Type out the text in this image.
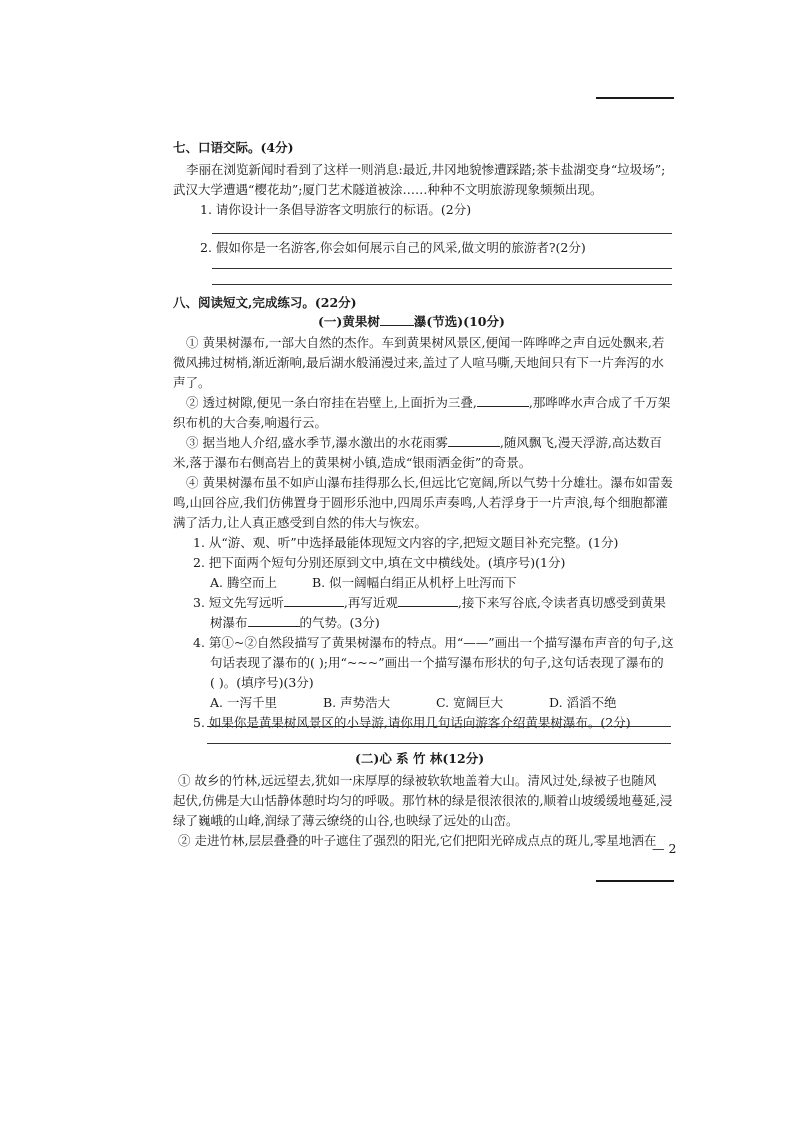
七、口语交际。(4分)
李丽在浏览新闻时看到了这样一则消息:最近,井冈地貌惨遭踩踏;茶卡盐湖变身“垃圾场”;
武汉大学遭遇“樱花劫”;厦门艺术隧道被涂……种种不文明旅游现象频频出现。
1. 请你设计一条倡导游客文明旅行的标语。(2分)
2. 假如你是一名游客,你会如何展示自己的风采,做文明的旅游者?(2分)
八、阅读短文,完成练习。(22分)
(一)黄果树	瀑(节选)(10分)
① 黄果树瀑布,一部大自然的杰作。车到黄果树风景区,便闻一阵哗哗之声自远处飘来,若
微风拂过树梢,渐近渐响,最后湖水般涌漫过来,盖过了人喧马嘶,天地间只有下一片奔泻的水
声了。
② 透过树隙,便见一条白帘挂在岩壁上,上面折为三叠,	,那哗哗水声合成了千万架
织布机的大合奏,响遏行云。
③ 据当地人介绍,盛水季节,瀑水激出的水花雨雾	,随风飘飞,漫天浮游,高达数百
米,落于瀑布右侧高岩上的黄果树小镇,造成“银雨洒金街”的奇景。
④ 黄果树瀑布虽不如庐山瀑布挂得那么长,但远比它宽阔,所以气势十分雄壮。瀑布如雷轰
鸣,山回谷应,我们仿佛置身于圆形乐池中,四周乐声奏鸣,人若浮身于一片声浪,每个细胞都灌
满了活力,让人真正感受到自然的伟大与恢宏。
1. 从“游、观、听”中选择最能体现短文内容的字,把短文题目补充完整。(1分)
2. 把下面两个短句分别还原到文中,填在文中横线处。(填序号)(1分)
A. 腾空而上	B. 似一阔幅白绢正从机杼上吐泻而下
3. 短文先写远听	,再写近观	,接下来写谷底,令读者真切感受到黄果
树瀑布	的气势。(3分)
4. 第①~②自然段描写了黄果树瀑布的特点。用“——”画出一个描写瀑布声音的句子,这
句话表现了瀑布的( );用“~~~”画出一个描写瀑布形状的句子,这句话表现了瀑布的
( )。(填序号)(3分)
A. 一泻千里	B. 声势浩大	C. 宽阔巨大	D. 滔滔不绝
5. 如果你是黄果树风景区的小导游,请你用几句话向游客介绍黄果树瀑布。(2分)
(二)心 系 竹 林(12分)
① 故乡的竹林,远远望去,犹如一床厚厚的绿被软软地盖着大山。清风过处,绿被子也随风
起伏,仿佛是大山恬静体憩时均匀的呼吸。那竹林的绿是很浓很浓的,顺着山坡缓缓地蔓延,浸
绿了巍峨的山峰,润绿了薄云缭绕的山谷,也映绿了远处的山峦。
② 走进竹林,层层叠叠的叶子遮住了强烈的阳光,它们把阳光碎成点点的斑儿,零星地洒在
— 2
